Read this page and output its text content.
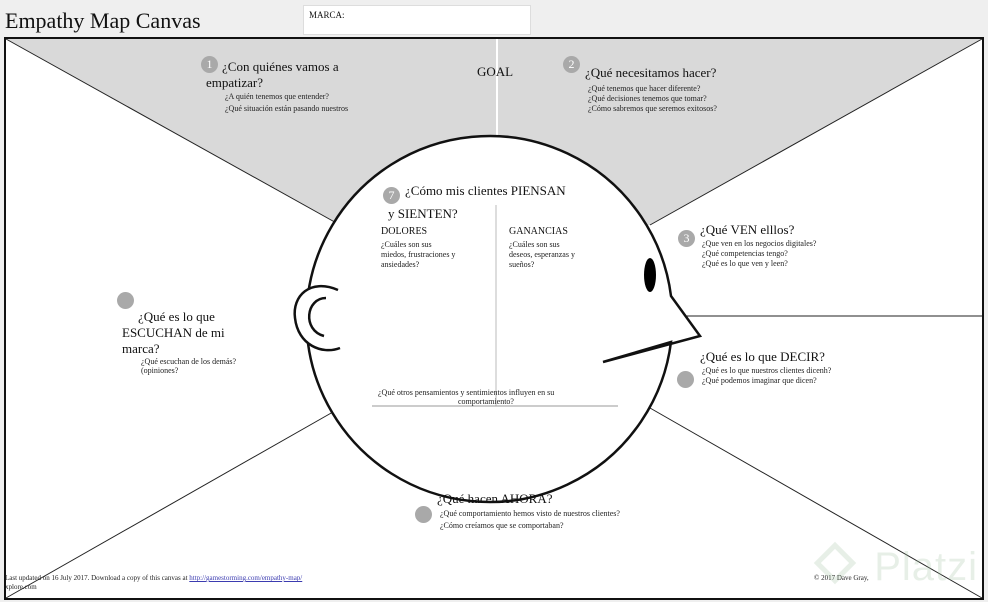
Empathy Map Canvas	MARCA:
GOAL
1 ¿Con quiénes vamos a
empatizar?
¿A quién tenemos que entender?
¿Qué situación están pasando nuestros
2
¿Qué necesitamos hacer?
¿Qué tenemos que hacer diferente?
¿Qué decisiones tenemos que tomar?
¿Cómo sabremos que seremos exitosos?
3
¿Qué VEN elllos?
¿Que ven en los negocios digitales?
¿Qué competencias tengo?
¿Qué es lo que ven y leen?
¿Qué es lo que DECIR?
¿Qué es lo que nuestros clientes dicenh?
¿Qué podemos imaginar que dicen?
¿Qué es lo que
ESCUCHAN de mi
marca?
¿Qué escuchan de los demás?
(opiniones?
¿Qué hacen AHORA?
¿Qué comportamiento hemos visto de nuestros clientes?
¿Cómo creíamos que se comportaban?
7 ¿Cómo mis clientes PIENSAN
y SIENTEN?
DOLORES
¿Cuáles son sus
miedos, frustraciones y
ansiedades?
GANANCIAS
¿Cuáles son sus
deseos, esperanzas y
sueños?
¿Qué otros pensamientos y sentimientos influyen en su
comportamiento?
Last updated on 16 July 2017. Download a copy of this canvas at http://gamestorming.com/empathy-map/
xplore.com
© 2017 Dave Gray, Platzi
